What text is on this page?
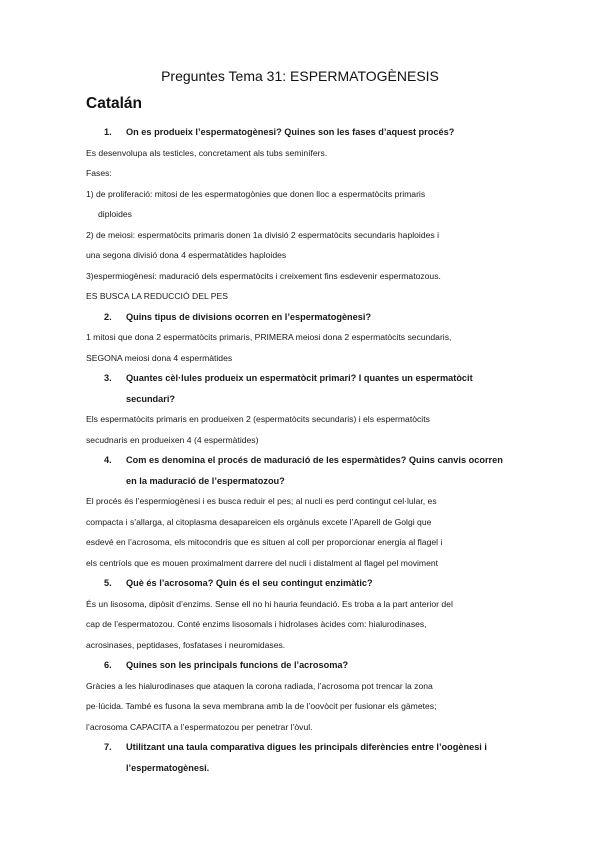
Preguntes Tema 31: ESPERMATOGÈNESIS
Catalán
1.	On es produeix l’espermatogènesi? Quines son les fases d’aquest procés?

Es desenvolupa als testicles, concretament als tubs seminífers.

Fases:

1) de proliferació: mitosi de les espermatogònies que donen lloc a espermatòcits primaris

diploides

2) de meiosi: espermatòcits primaris donen 1a divisió 2 espermatòcits secundaris haploides i

una segona divisió dona 4 espermatàtides haploides

3)espermiogènesi: maduració dels espermatòcits i creixement fins esdevenir espermatozous.

ES BUSCA LA REDUCCIÓ DEL PES

2.	Quins tipus de divisions ocorren en l’espermatogènesi?

1 mitosi que dona 2 espermatòcits primaris, PRIMERA meiosi dona 2 espermatòcits secundaris,

SEGONA meiosi dona 4 espermàtides

3.	Quantes cèl·lules produeix un espermatòcit primari? I quantes un espermatòcit
secundari?

Els espermatòcits primaris en produeixen 2 (espermatòcits secundaris) i els espermatòcits

secudnaris en produeixen 4 (4 espermàtides)

4.	Com es denomina el procés de maduració de les espermàtides? Quins canvis ocorren
en la maduració de l’espermatozou?

El procés és l’espermiogènesi i es busca reduir el pes; al nucli es perd contingut cel·lular, es

compacta i s’allarga, al citoplasma desapareicen els orgànuls excete l’Aparell de Golgi que

esdevé en l’acrosoma, els mitocondris que es situen al coll per proporcionar energia al flagel i

els centríols que es mouen proximalment darrere del nucli i distalment al flagel pel moviment

5.	Què és l’acrosoma? Quin és el seu contingut enzimàtic?

És un lisosoma, dipòsit d’enzims. Sense ell no hi hauria feundació. Es troba a la part anterior del

cap de l’espermatozou. Conté enzims lisosomals i hidrolases àcides com: hialurodinases,

acrosinases, peptidases, fosfatases i neuromidases.

6.	Quines son les principals funcions de l’acrosoma?

Gràcies a les hialurodinases que ataquen la corona radiada, l’acrosoma pot trencar la zona

pe·lúcida. També es fusona la seva membrana amb la de l’oovòcit per fusionar els gàmetes;

l’acrosoma CAPACITA a l’espermatozou per penetrar l’òvul.

7.	Utilitzant una taula comparativa digues les principals diferències entre l’oogènesi i
l’espermatogènesi.
